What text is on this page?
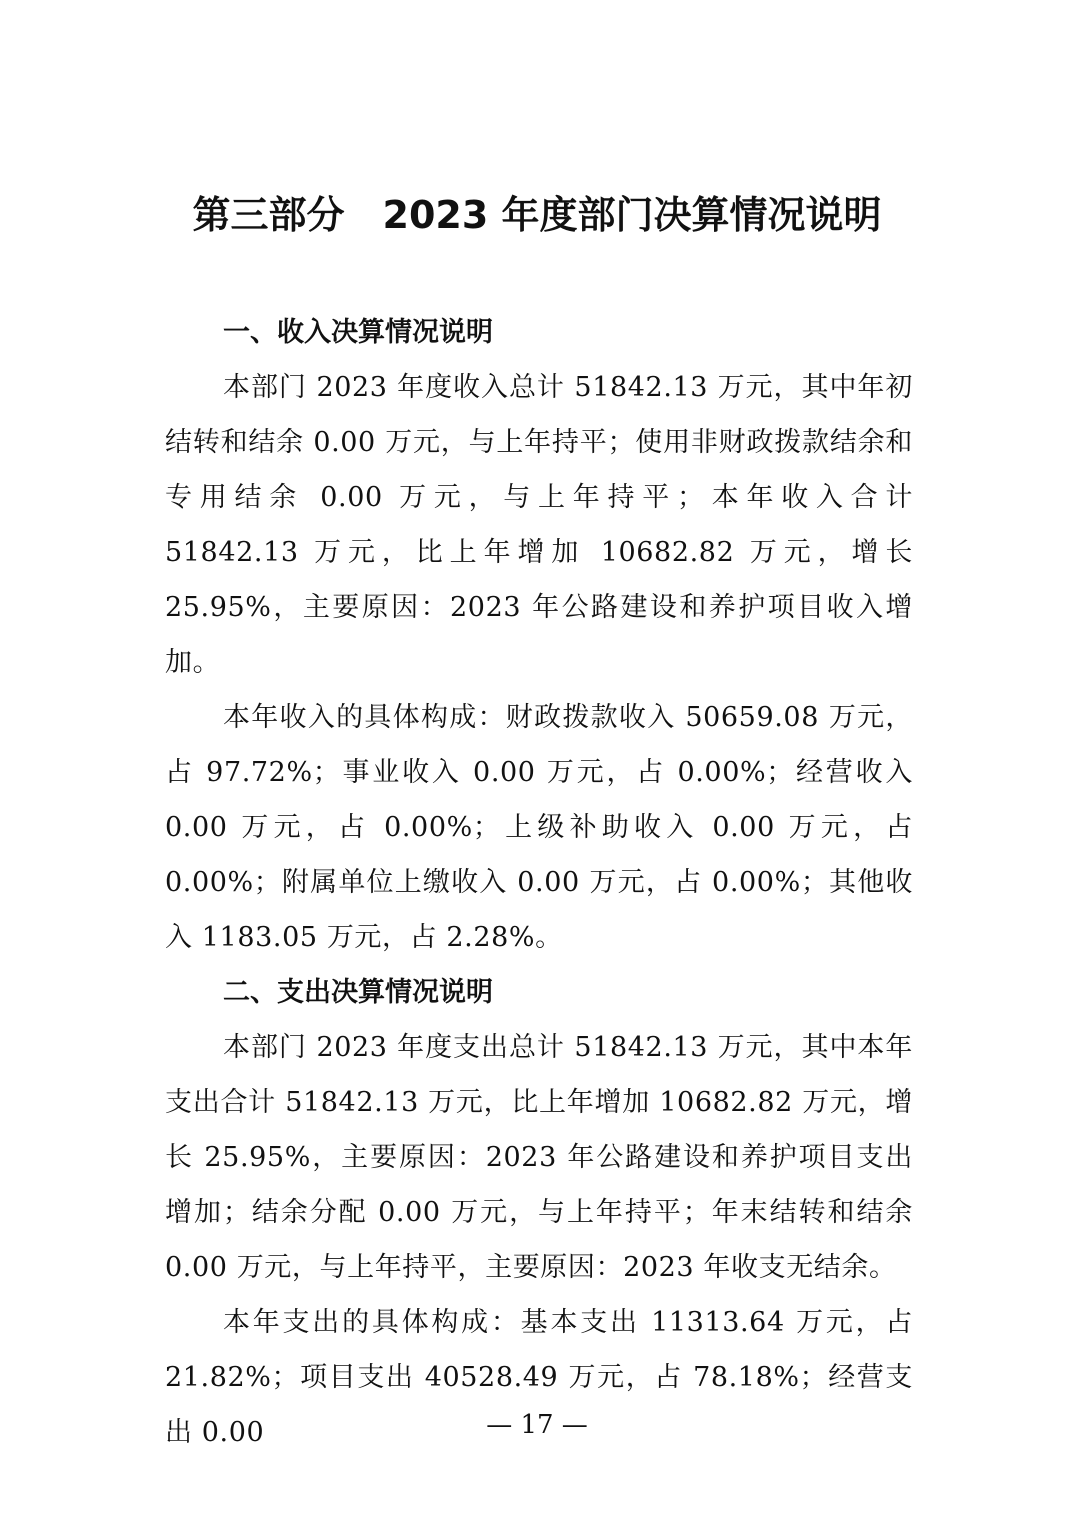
第三部分　2023 年度部门决算情况说明
一、收入决算情况说明

本部门 2023 年度收入总计 51842.13 万元，其中年初结转和结余 0.00 万元，与上年持平；使用非财政拨款结余和专用结余 0.00 万元，与上年持平；本年收入合计 51842.13 万元，比上年增加 10682.82 万元，增长 25.95%，主要原因：2023 年公路建设和养护项目收入增加。

本年收入的具体构成：财政拨款收入 50659.08 万元，占 97.72%；事业收入 0.00 万元，占 0.00%；经营收入 0.00 万元，占 0.00%；上级补助收入 0.00 万元，占 0.00%；附属单位上缴收入 0.00 万元，占 0.00%；其他收入 1183.05 万元，占 2.28%。

二、支出决算情况说明

本部门 2023 年度支出总计 51842.13 万元，其中本年支出合计 51842.13 万元，比上年增加 10682.82 万元，增长 25.95%，主要原因：2023 年公路建设和养护项目支出增加；结余分配 0.00 万元，与上年持平；年末结转和结余 0.00 万元，与上年持平，主要原因：2023 年收支无结余。

本年支出的具体构成：基本支出 11313.64 万元，占 21.82%；项目支出 40528.49 万元，占 78.18%；经营支出 0.00	— 17 —
